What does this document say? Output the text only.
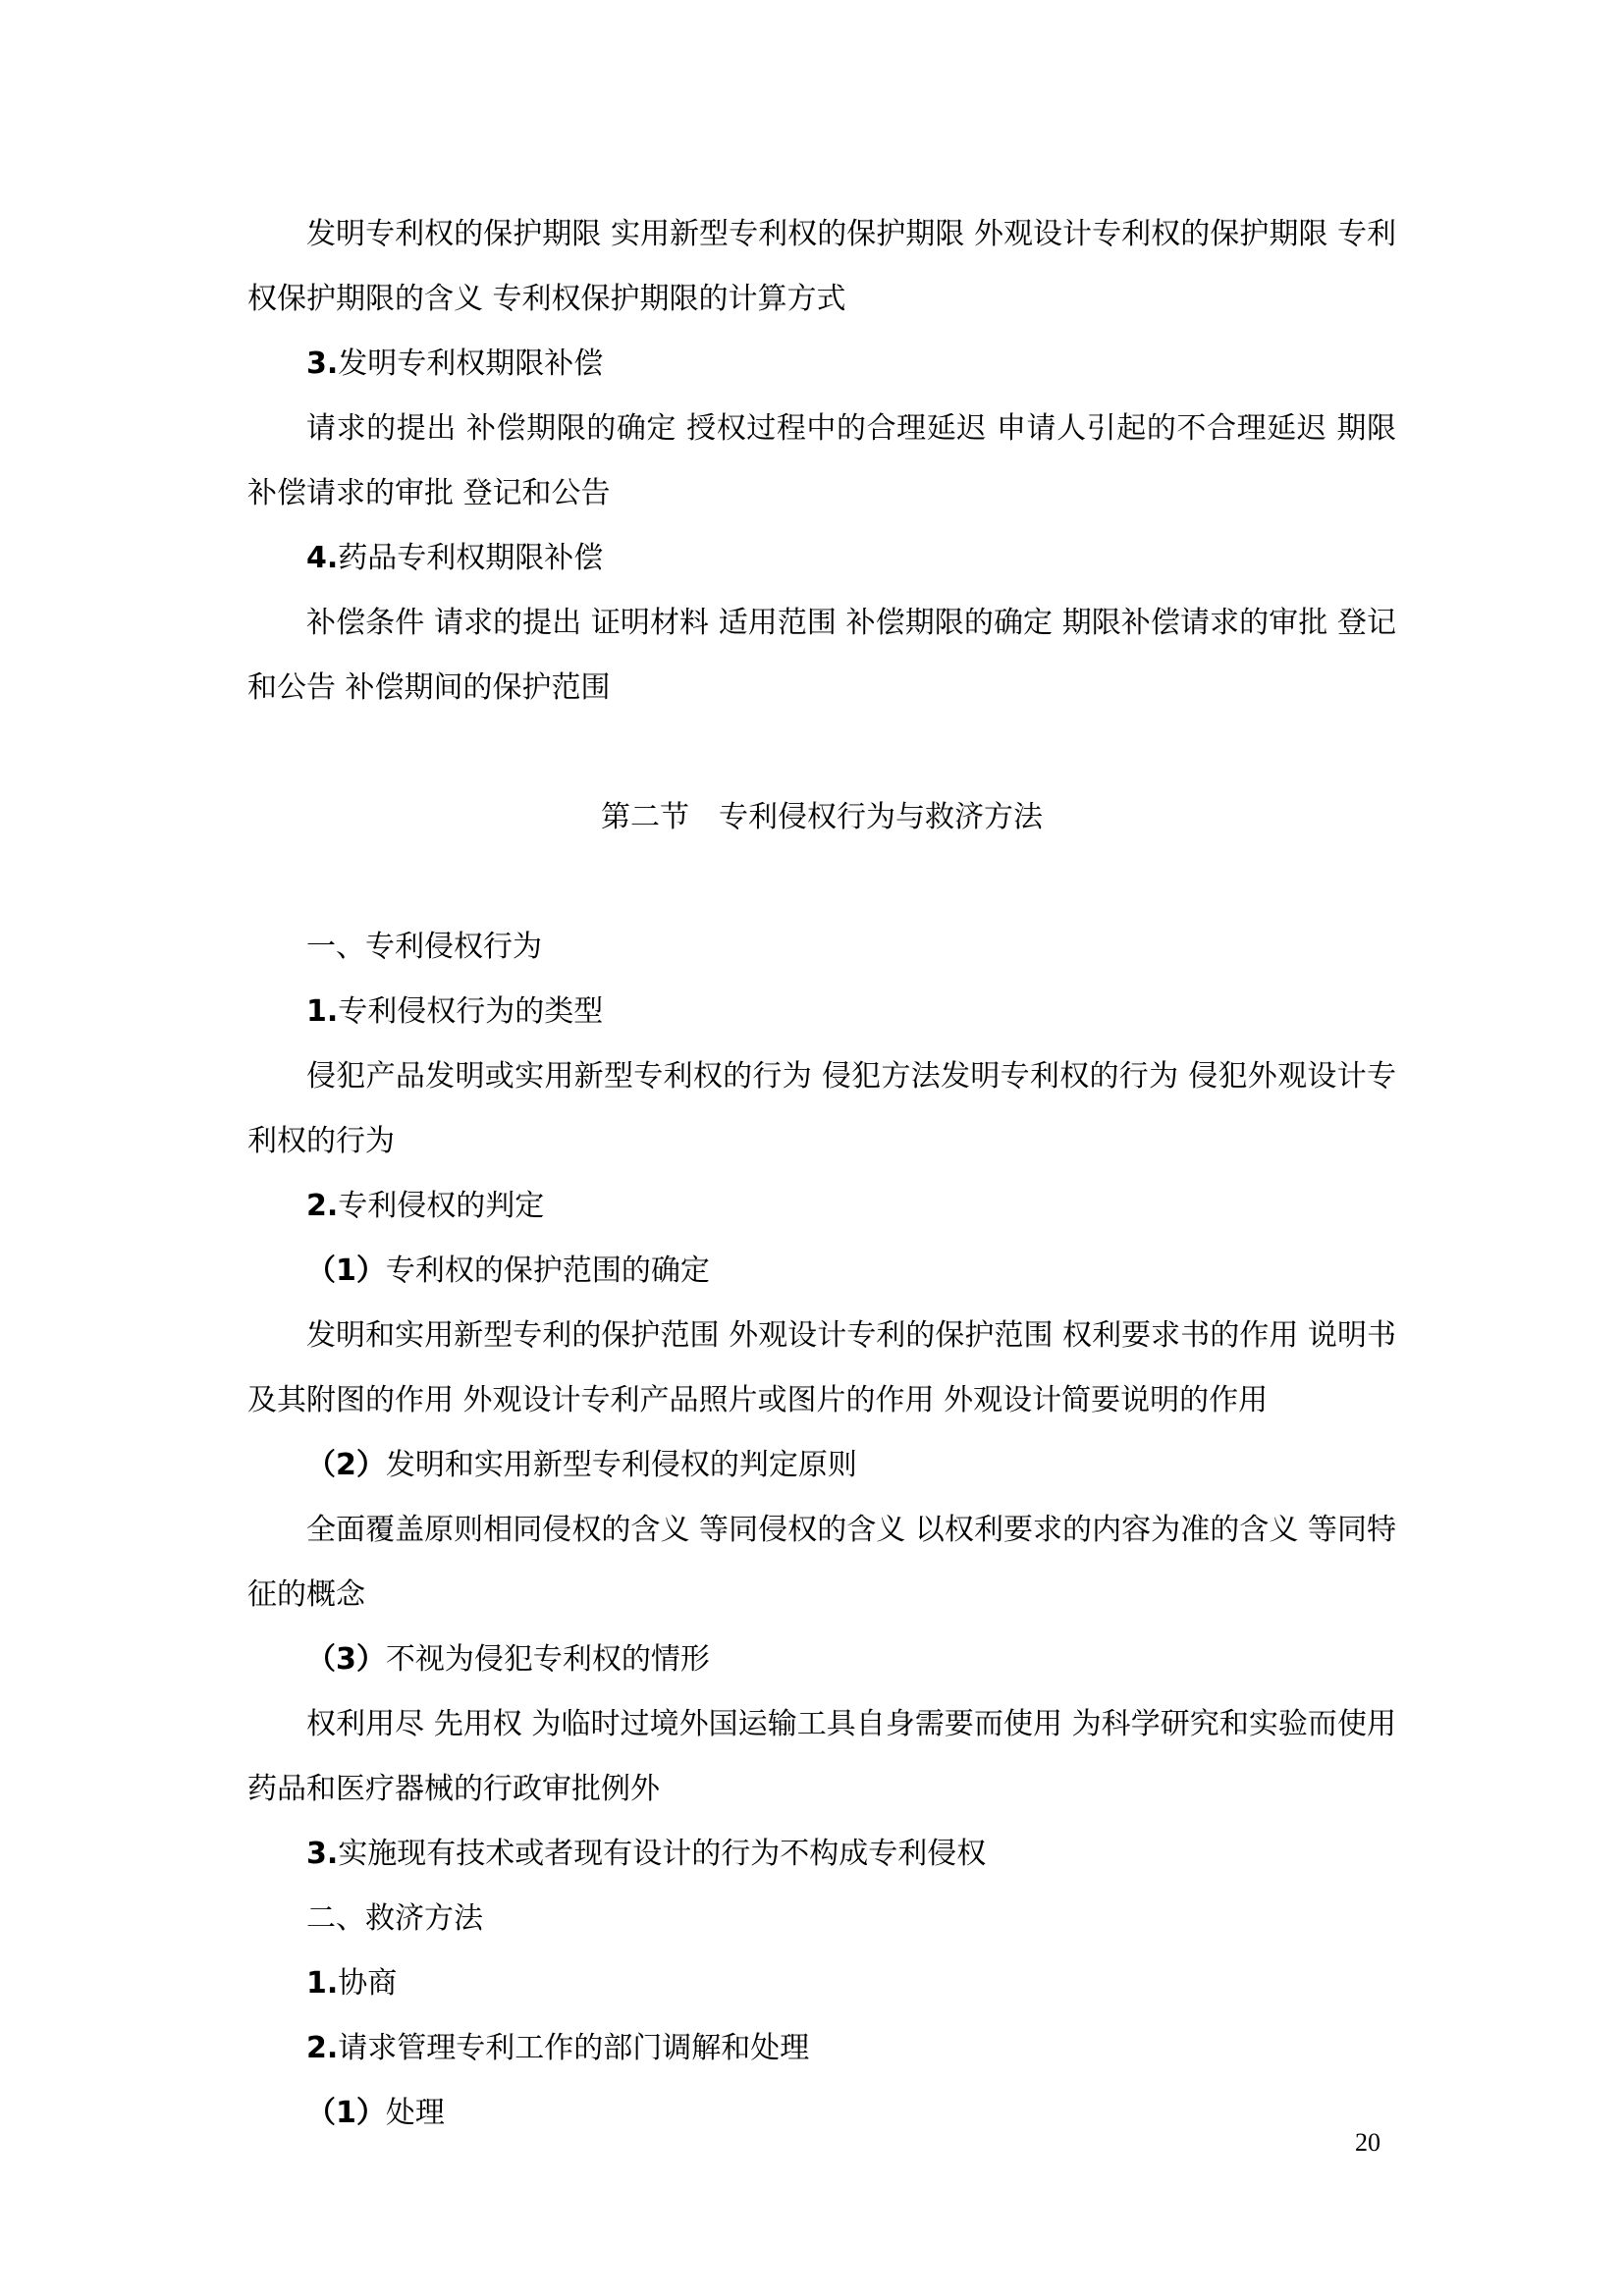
发明专利权的保护期限 实用新型专利权的保护期限 外观设计专利权的保护期限 专利权保护期限的含义 专利权保护期限的计算方式
3.发明专利权期限补偿
请求的提出 补偿期限的确定 授权过程中的合理延迟 申请人引起的不合理延迟 期限补偿请求的审批 登记和公告
4.药品专利权期限补偿
补偿条件 请求的提出 证明材料 适用范围 补偿期限的确定 期限补偿请求的审批 登记和公告 补偿期间的保护范围
第二节　专利侵权行为与救济方法
一、专利侵权行为
1.专利侵权行为的类型
侵犯产品发明或实用新型专利权的行为 侵犯方法发明专利权的行为 侵犯外观设计专利权的行为
2.专利侵权的判定
（1）专利权的保护范围的确定
发明和实用新型专利的保护范围 外观设计专利的保护范围 权利要求书的作用 说明书及其附图的作用 外观设计专利产品照片或图片的作用 外观设计简要说明的作用
（2）发明和实用新型专利侵权的判定原则
全面覆盖原则相同侵权的含义 等同侵权的含义 以权利要求的内容为准的含义 等同特征的概念
（3）不视为侵犯专利权的情形
权利用尽 先用权 为临时过境外国运输工具自身需要而使用 为科学研究和实验而使用 药品和医疗器械的行政审批例外
3.实施现有技术或者现有设计的行为不构成专利侵权
二、救济方法
1.协商
2.请求管理专利工作的部门调解和处理
（1）处理
20
